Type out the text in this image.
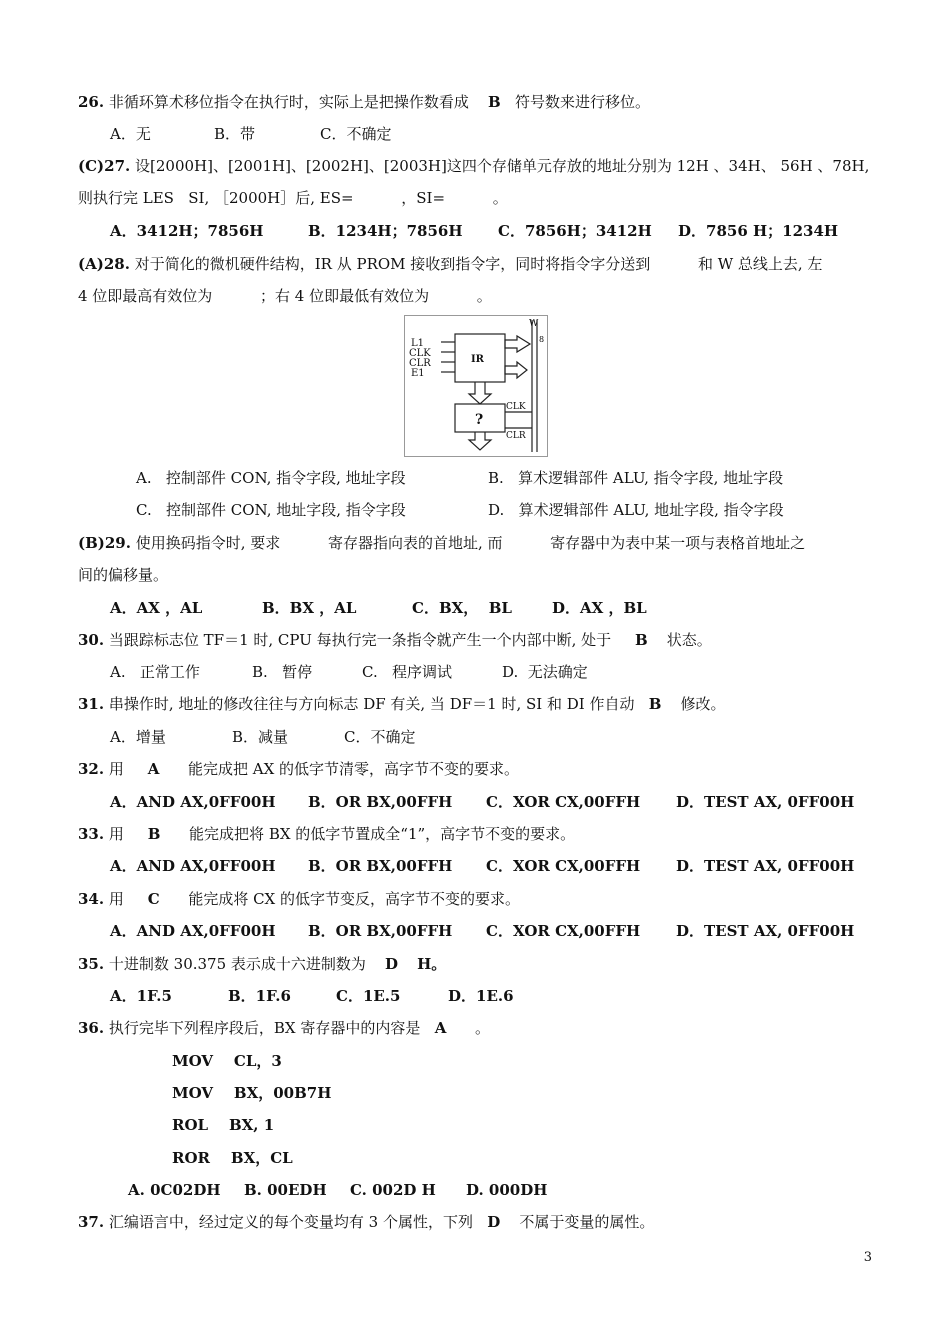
26. 非循环算术移位指令在执行时，实际上是把操作数看成 B 符号数来进行移位。
A．无	B．带	C．不确定
(C)27. 设[2000H]、[2001H]、[2002H]、[2003H]这四个存储单元存放的地址分别为 12H 、34H、 56H 、78H,
则执行完 LES   SI, ［2000H］后, ES=          ，SI=          。
A．3412H；7856H	B．1234H；7856H C．7856H；3412H D．7856 H；1234H
(A)28. 对于简化的微机硬件结构，IR 从 PROM 接收到指令字，同时将指令字分送到          和 W 总线上去, 左
4 位即最高有效位为          ；右 4 位即最低有效位为          。
L1
CLK
CLR
E1
IR
?
W
8
CLK
CLR
A.   控制部件 CON, 指令字段, 地址字段	B.   算术逻辑部件 ALU, 指令字段, 地址字段
C.   控制部件 CON, 地址字段, 指令字段	D.   算术逻辑部件 ALU, 地址字段, 指令字段
(B)29. 使用换码指令时, 要求          寄存器指向表的首地址, 而          寄存器中为表中某一项与表格首地址之
间的偏移量。
A．AX ，AL	B．BX ，AL	C．BX，  BL	D．AX ，BL
30. 当跟踪标志位 TF＝1 时, CPU 每执行完一条指令就产生一个内部中断, 处于 B 状态。
A.   正常工作	B.   暂停	C.   程序调试	D.  无法确定
31. 串操作时, 地址的修改往往与方向标志 DF 有关, 当 DF＝1 时, SI 和 DI 作自动 B 修改。
A．增量	B．减量	C．不确定
32. 用 A 能完成把 AX 的低字节清零，高字节不变的要求。
A．AND AX,0FF00H B．OR BX,00FFH C．XOR CX,00FFH D．TEST AX, 0FF00H
33. 用 B 能完成把将 BX 的低字节置成全“1”，高字节不变的要求。
A．AND AX,0FF00H B．OR BX,00FFH C．XOR CX,00FFH D．TEST AX, 0FF00H
34. 用 C 能完成将 CX 的低字节变反，高字节不变的要求。
A．AND AX,0FF00H B．OR BX,00FFH C．XOR CX,00FFH D．TEST AX, 0FF00H
35. 十进制数 30.375 表示成十六进制数为 D H。
A．1F.5	B．1F.6	C．1E.5	D．1E.6
36. 执行完毕下列程序段后，BX 寄存器中的内容是 A 。
MOV    CL，3
MOV    BX，00B7H
ROL    BX, 1
ROR    BX，CL
A. 0C02DH B. 00EDH C. 002D H D. 000DH
37. 汇编语言中，经过定义的每个变量均有 3 个属性，下列 D 不属于变量的属性。
3
